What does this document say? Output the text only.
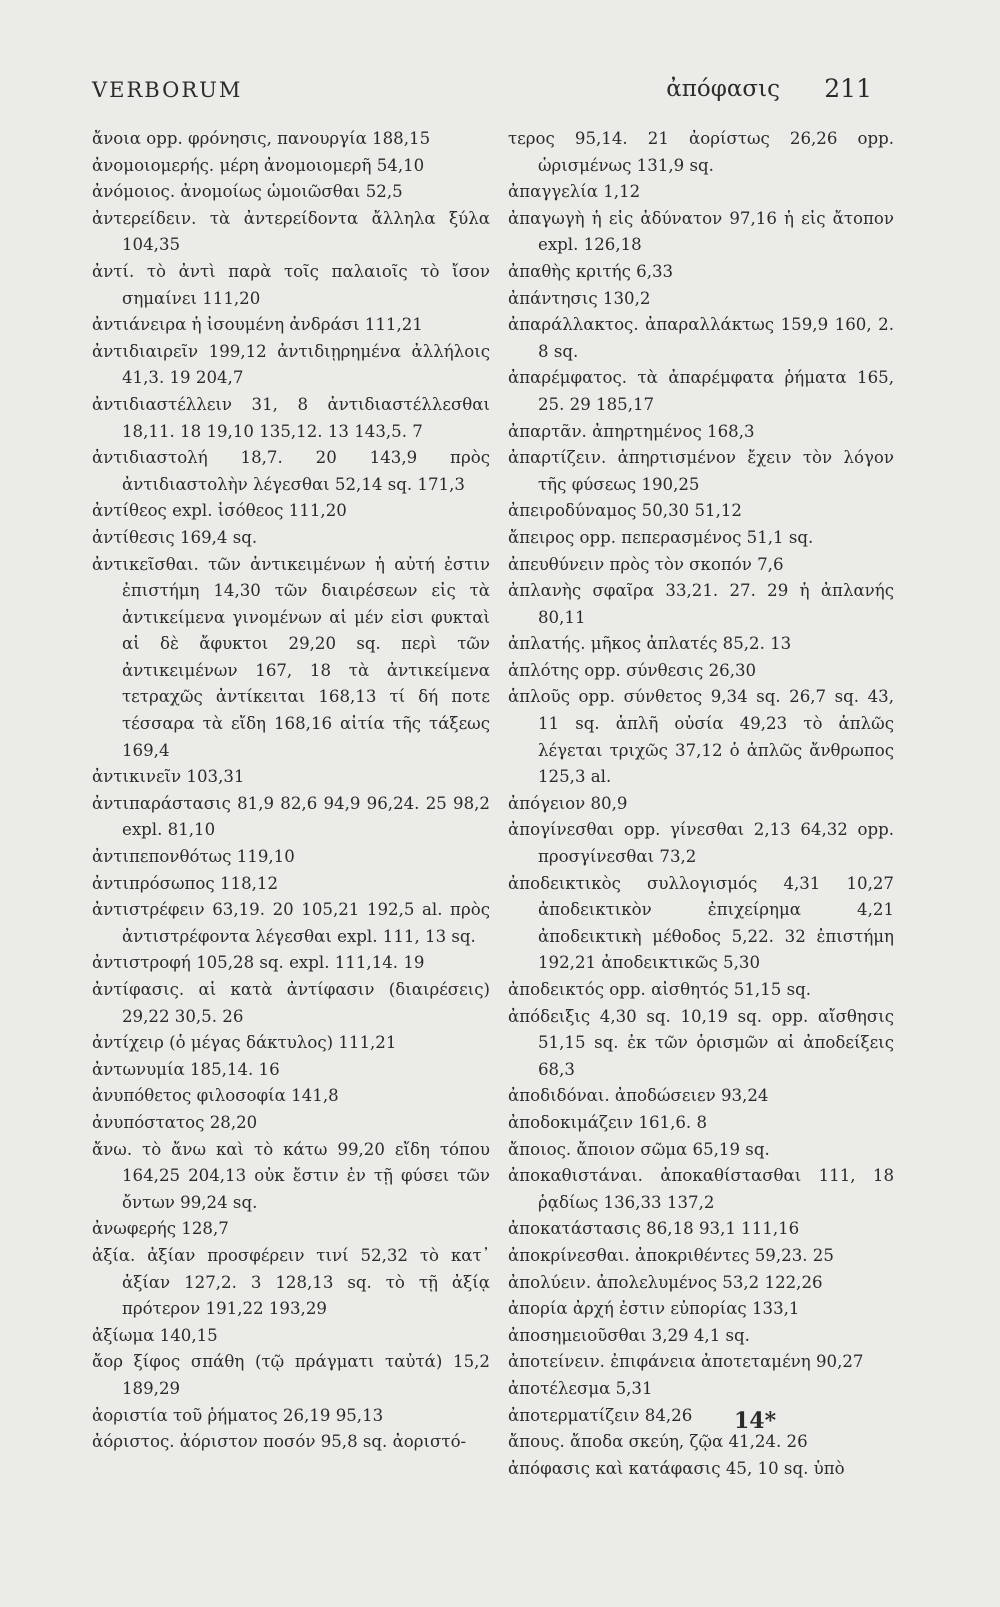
VERBORUM	ἀπόφασις 211
ἄνοια opp. φρόνησις, πανουργία 188,15
ἀνομοιομερής. μέρη ἀνομοιομερῆ 54,10
ἀνόμοιος. ἀνομοίως ὡμοιῶσθαι 52,5
ἀντερείδειν. τὰ ἀντερείδοντα ἄλληλα ξύλα 104,35
ἀντί. τὸ ἀντὶ παρὰ τοῖς παλαιοῖς τὸ ἴσον σημαίνει 111,20
ἀντιάνειρα ἡ ἰσουμένη ἀνδράσι 111,21
ἀντιδιαιρεῖν 199,12 ἀντιδιῃρημένα ἀλλήλοις 41,3. 19 204,7
ἀντιδιαστέλλειν 31, 8 ἀντιδιαστέλλεσθαι 18,11. 18 19,10 135,12. 13 143,5. 7
ἀντιδιαστολή 18,7. 20 143,9 πρὸς ἀντιδιαστολὴν λέγεσθαι 52,14 sq. 171,3
ἀντίθεος expl. ἰσόθεος 111,20
ἀντίθεσις 169,4 sq.
ἀντικεῖσθαι. τῶν ἀντικειμένων ἡ αὐτή ἐστιν ἐπιστήμη 14,30 τῶν διαιρέσεων εἰς τὰ ἀντικείμενα γινομένων αἱ μέν εἰσι φυκταὶ αἱ δὲ ἄφυκτοι 29,20 sq. περὶ τῶν ἀντικειμένων 167, 18 τὰ ἀντικείμενα τετραχῶς ἀντίκειται 168,13 τί δή ποτε τέσσαρα τὰ εἴδη 168,16 αἰτία τῆς τάξεως 169,4
ἀντικινεῖν 103,31
ἀντιπαράστασις 81,9 82,6 94,9 96,24. 25 98,2 expl. 81,10
ἀντιπεπονθότως 119,10
ἀντιπρόσωπος 118,12
ἀντιστρέφειν 63,19. 20 105,21 192,5 al. πρὸς ἀντιστρέφοντα λέγεσθαι expl. 111, 13 sq.
ἀντιστροφή 105,28 sq. expl. 111,14. 19
ἀντίφασις. αἱ κατὰ ἀντίφασιν (διαιρέσεις) 29,22 30,5. 26
ἀντίχειρ (ὁ μέγας δάκτυλος) 111,21
ἀντωνυμία 185,14. 16
ἀνυπόθετος φιλοσοφία 141,8
ἀνυπόστατος 28,20
ἄνω. τὸ ἄνω καὶ τὸ κάτω 99,20 εἴδη τόπου 164,25 204,13 οὐκ ἔστιν ἐν τῇ φύσει τῶν ὄντων 99,24 sq.
ἀνωφερής 128,7
ἀξία. ἀξίαν προσφέρειν τινί 52,32 τὸ κατ᾿ ἀξίαν 127,2. 3 128,13 sq. τὸ τῇ ἀξίᾳ πρότερον 191,22 193,29
ἀξίωμα 140,15
ἄορ ξίφος σπάθη (τῷ πράγματι ταὐτά) 15,2 189,29
ἀοριστία τοῦ ῥήματος 26,19 95,13
ἀόριστος. ἀόριστον ποσόν 95,8 sq. ἀοριστό-
τερος 95,14. 21 ἀορίστως 26,26 opp. ὡρισμένως 131,9 sq.
ἀπαγγελία 1,12
ἀπαγωγὴ ἡ εἰς ἀδύνατον 97,16 ἡ εἰς ἄτοπον expl. 126,18
ἀπαθὴς κριτής 6,33
ἀπάντησις 130,2
ἀπαράλλακτος. ἀπαραλλάκτως 159,9 160, 2. 8 sq.
ἀπαρέμφατος. τὰ ἀπαρέμφατα ῥήματα 165, 25. 29 185,17
ἀπαρτᾶν. ἀπηρτημένος 168,3
ἀπαρτίζειν. ἀπηρτισμένον ἔχειν τὸν λόγον τῆς φύσεως 190,25
ἀπειροδύναμος 50,30 51,12
ἄπειρος opp. πεπερασμένος 51,1 sq.
ἀπευθύνειν πρὸς τὸν σκοπόν 7,6
ἀπλανὴς σφαῖρα 33,21. 27. 29 ἡ ἀπλανής 80,11
ἀπλατής. μῆκος ἀπλατές 85,2. 13
ἁπλότης opp. σύνθεσις 26,30
ἁπλοῦς opp. σύνθετος 9,34 sq. 26,7 sq. 43, 11 sq. ἁπλῆ οὐσία 49,23 τὸ ἁπλῶς λέγεται τριχῶς 37,12 ὁ ἁπλῶς ἄνθρωπος 125,3 al.
ἀπόγειον 80,9
ἀπογίνεσθαι opp. γίνεσθαι 2,13 64,32 opp. προσγίνεσθαι 73,2
ἀποδεικτικὸς συλλογισμός 4,31 10,27 ἀποδεικτικὸν ἐπιχείρημα 4,21 ἀποδεικτικὴ μέθοδος 5,22. 32 ἐπιστήμη 192,21 ἀποδεικτικῶς 5,30
ἀποδεικτός opp. αἰσθητός 51,15 sq.
ἀπόδειξις 4,30 sq. 10,19 sq. opp. αἴσθησις 51,15 sq. ἐκ τῶν ὁρισμῶν αἱ ἀποδείξεις 68,3
ἀποδιδόναι. ἀποδώσειεν 93,24
ἀποδοκιμάζειν 161,6. 8
ἄποιος. ἄποιον σῶμα 65,19 sq.
ἀποκαθιστάναι. ἀποκαθίστασθαι 111, 18 ῥᾳδίως 136,33 137,2
ἀποκατάστασις 86,18 93,1 111,16
ἀποκρίνεσθαι. ἀποκριθέντες 59,23. 25
ἀπολύειν. ἀπολελυμένος 53,2 122,26
ἀπορία ἀρχή ἐστιν εὐπορίας 133,1
ἀποσημειοῦσθαι 3,29 4,1 sq.
ἀποτείνειν. ἐπιφάνεια ἀποτεταμένη 90,27
ἀποτέλεσμα 5,31
ἀποτερματίζειν 84,26
ἄπους. ἄποδα σκεύη, ζῷα 41,24. 26
ἀπόφασις καὶ κατάφασις 45, 10 sq. ὑπὸ
14*
